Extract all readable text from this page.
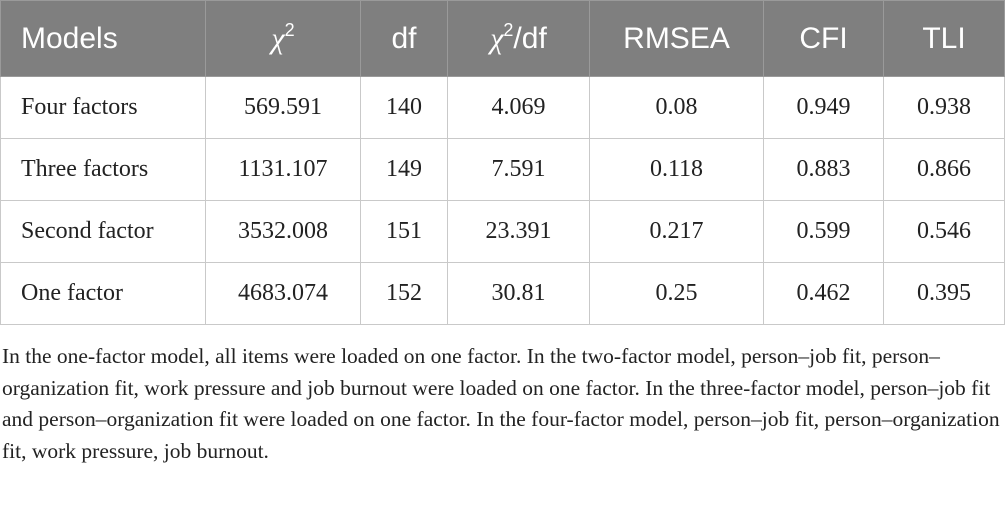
Models	$\chi^2$	df	$\chi^2/df$	RMSEA	CFI	TLI
Four factors	569.591	140	4.069	0.08	0.949	0.938
Three factors	1131.107	149	7.591	0.118	0.883	0.866
Second factor	3532.008	151	23.391	0.217	0.599	0.546
One factor	4683.074	152	30.81	0.25	0.462	0.395

In the one-factor model, all items were loaded on one factor. In the two-factor model, person–job fit, person–organization fit, work pressure and job burnout were loaded on one factor. In the three-factor model, person–job fit and person–organization fit were loaded on one factor. In the four-factor model, person–job fit, person–organization fit, work pressure, job burnout.
